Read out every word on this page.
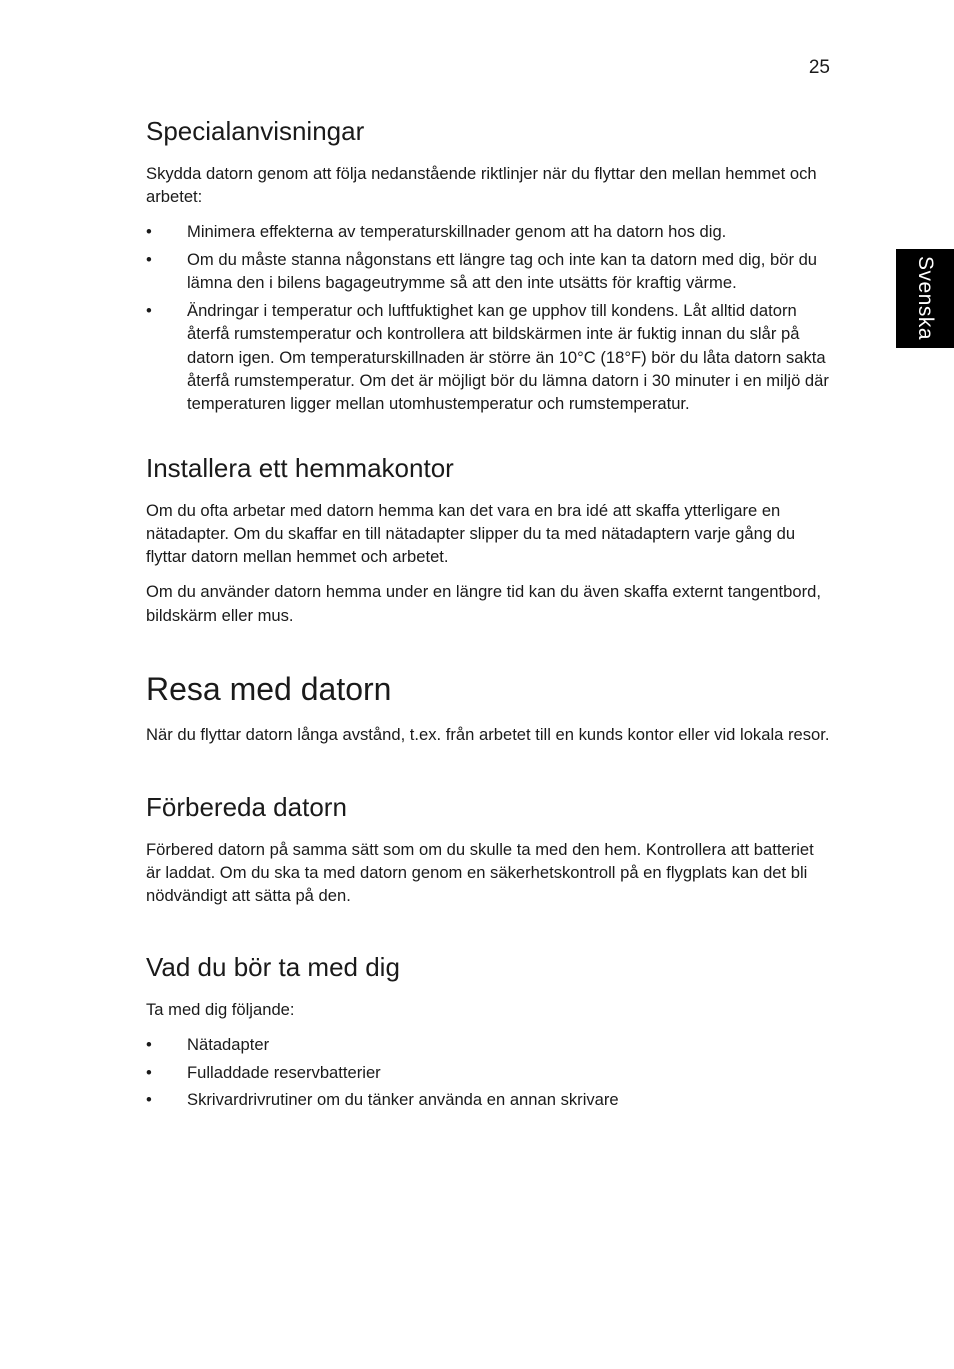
25
Svenska
Specialanvisningar

Skydda datorn genom att följa nedanstående riktlinjer när du flyttar den mellan hemmet och arbetet:

• Minimera effekterna av temperaturskillnader genom att ha datorn hos dig.
• Om du måste stanna någonstans ett längre tag och inte kan ta datorn med dig, bör du lämna den i bilens bagageutrymme så att den inte utsätts för kraftig värme.
• Ändringar i temperatur och luftfuktighet kan ge upphov till kondens. Låt alltid datorn återfå rumstemperatur och kontrollera att bildskärmen inte är fuktig innan du slår på datorn igen. Om temperaturskillnaden är större än 10°C (18°F) bör du låta datorn sakta återfå rumstemperatur. Om det är möjligt bör du lämna datorn i 30 minuter i en miljö där temperaturen ligger mellan utomhustemperatur och rumstemperatur.
Installera ett hemmakontor

Om du ofta arbetar med datorn hemma kan det vara en bra idé att skaffa ytterligare en nätadapter. Om du skaffar en till nätadapter slipper du ta med nätadaptern varje gång du flyttar datorn mellan hemmet och arbetet.

Om du använder datorn hemma under en längre tid kan du även skaffa externt tangentbord, bildskärm eller mus.

Resa med datorn

När du flyttar datorn långa avstånd, t.ex. från arbetet till en kunds kontor eller vid lokala resor.

Förbereda datorn

Förbered datorn på samma sätt som om du skulle ta med den hem. Kontrollera att batteriet är laddat. Om du ska ta med datorn genom en säkerhetskontroll på en flygplats kan det bli nödvändigt att sätta på den.

Vad du bör ta med dig

Ta med dig följande:

• Nätadapter
• Fulladdade reservbatterier
• Skrivardrivrutiner om du tänker använda en annan skrivare
